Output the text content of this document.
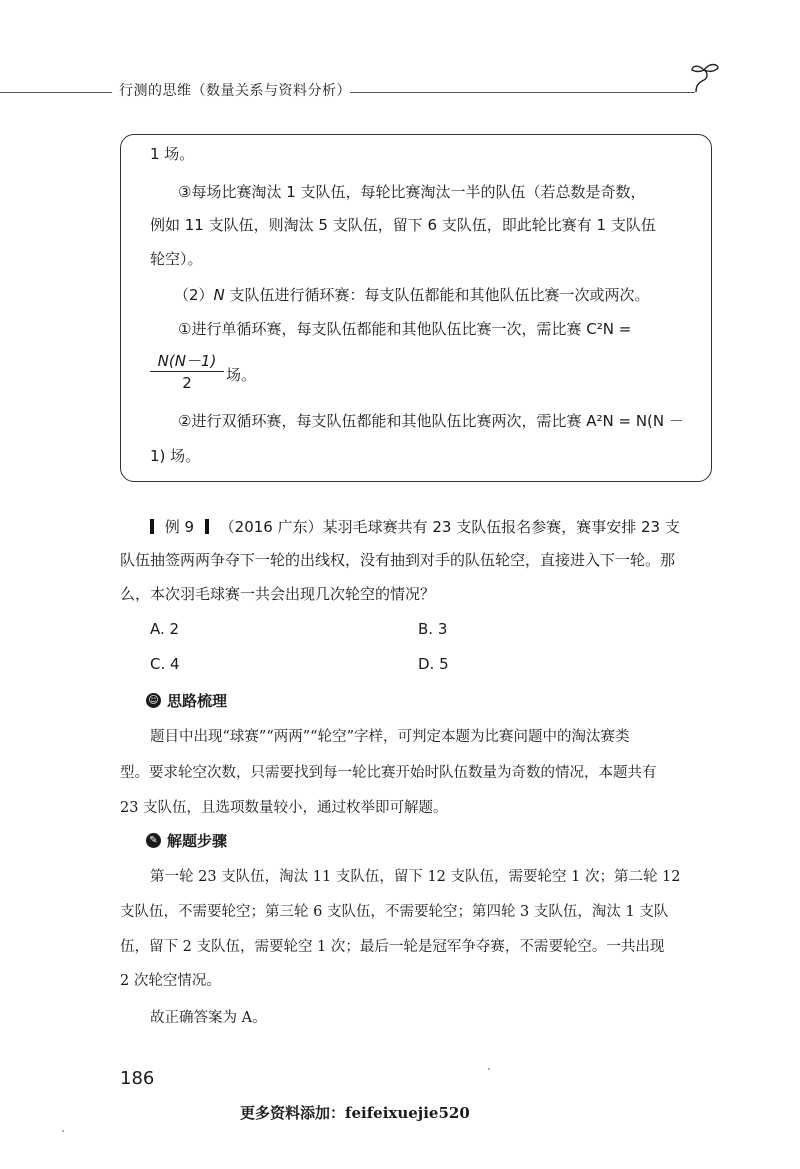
行测的思维（数量关系与资料分析）
1 场。
③每场比赛淘汰 1 支队伍，每轮比赛淘汰一半的队伍（若总数是奇数，
例如 11 支队伍，则淘汰 5 支队伍，留下 6 支队伍，即此轮比赛有 1 支队伍
轮空）。
（2）N 支队伍进行循环赛：每支队伍都能和其他队伍比赛一次或两次。
①进行单循环赛，每支队伍都能和其他队伍比赛一次，需比赛 C²N =
$\frac{N(N-1)}{2}$ 场。
②进行双循环赛，每支队伍都能和其他队伍比赛两次，需比赛 A²N = N(N －
1) 场。
例 9 （2016 广东）某羽毛球赛共有 23 支队伍报名参赛，赛事安排 23 支
队伍抽签两两争夺下一轮的出线权，没有抽到对手的队伍轮空，直接进入下一轮。那
么，本次羽毛球赛一共会出现几次轮空的情况？
A. 2	B. 3
C. 4	D. 5
☺ 思路梳理
题目中出现“球赛”“两两”“轮空”字样，可判定本题为比赛问题中的淘汰赛类
型。要求轮空次数，只需要找到每一轮比赛开始时队伍数量为奇数的情况，本题共有
23 支队伍，且选项数量较小，通过枚举即可解题。
✎ 解题步骤
第一轮 23 支队伍，淘汰 11 支队伍，留下 12 支队伍，需要轮空 1 次；第二轮 12
支队伍，不需要轮空；第三轮 6 支队伍，不需要轮空；第四轮 3 支队伍，淘汰 1 支队
伍，留下 2 支队伍，需要轮空 1 次；最后一轮是冠军争夺赛，不需要轮空。一共出现
2 次轮空情况。
故正确答案为 A。
186
更多资料添加：feifeixuejie520
